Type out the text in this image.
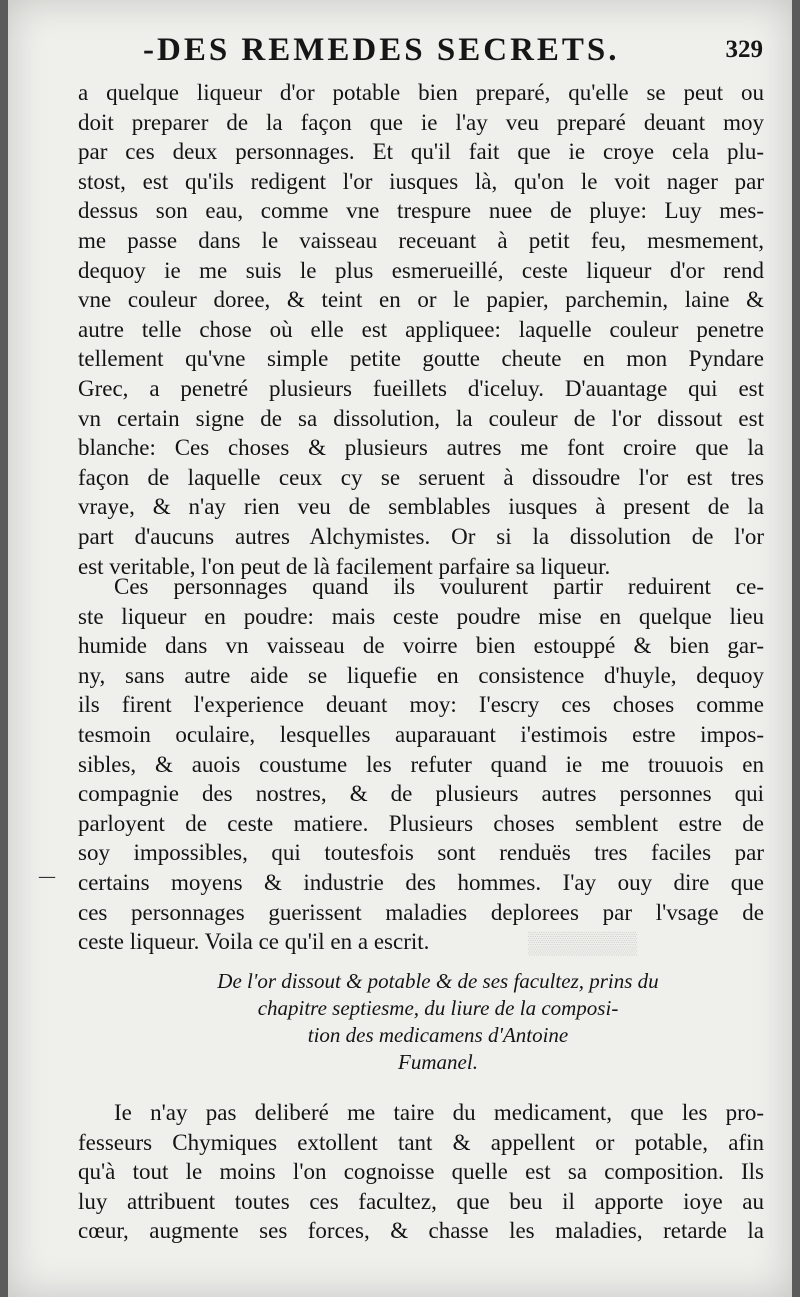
▒▒▒▒▒▒▒
-DES REMEDES SECRETS.	329
a quelque liqueur d'or potable bien preparé, qu'elle se peut ou
doit preparer de la façon que ie l'ay veu preparé deuant moy
par ces deux personnages. Et qu'il fait que ie croye cela plu-
stost, est qu'ils redigent l'or iusques là, qu'on le voit nager par
dessus son eau, comme vne trespure nuee de pluye: Luy mes-
me passe dans le vaisseau receuant à petit feu, mesmement,
dequoy ie me suis le plus esmerueillé, ceste liqueur d'or rend
vne couleur doree, & teint en or le papier, parchemin, laine &
autre telle chose où elle est appliquee: laquelle couleur penetre
tellement qu'vne simple petite goutte cheute en mon Pyndare
Grec, a penetré plusieurs fueillets d'iceluy. D'auantage qui est
vn certain signe de sa dissolution, la couleur de l'or dissout est
blanche: Ces choses & plusieurs autres me font croire que la
façon de laquelle ceux cy se seruent à dissoudre l'or est tres
vraye, & n'ay rien veu de semblables iusques à present de la
part d'aucuns autres Alchymistes. Or si la dissolution de l'or
est veritable, l'on peut de là facilement parfaire sa liqueur.
Ces personnages quand ils voulurent partir reduirent ce-
ste liqueur en poudre: mais ceste poudre mise en quelque lieu
humide dans vn vaisseau de voirre bien estouppé & bien gar-
ny, sans autre aide se liquefie en consistence d'huyle, dequoy
ils firent l'experience deuant moy: I'escry ces choses comme
tesmoin oculaire, lesquelles auparauant i'estimois estre impos-
sibles, & auois coustume les refuter quand ie me trouuois en
compagnie des nostres, & de plusieurs autres personnes qui
parloyent de ceste matiere. Plusieurs choses semblent estre de
soy impossibles, qui toutesfois sont renduës tres faciles par
certains moyens & industrie des hommes. I'ay ouy dire que
ces personnages guerissent maladies deplorees par l'vsage de
ceste liqueur. Voila ce qu'il en a escrit.
—
De l'or dissout & potable & de ses facultez, prins du
chapitre septiesme, du liure de la composi-
tion des medicamens d'Antoine
Fumanel.
Ie n'ay pas deliberé me taire du medicament, que les pro-
fesseurs Chymiques extollent tant & appellent or potable, afin
qu'à tout le moins l'on cognoisse quelle est sa composition. Ils
luy attribuent toutes ces facultez, que beu il apporte ioye au
cœur, augmente ses forces, & chasse les maladies, retarde la
